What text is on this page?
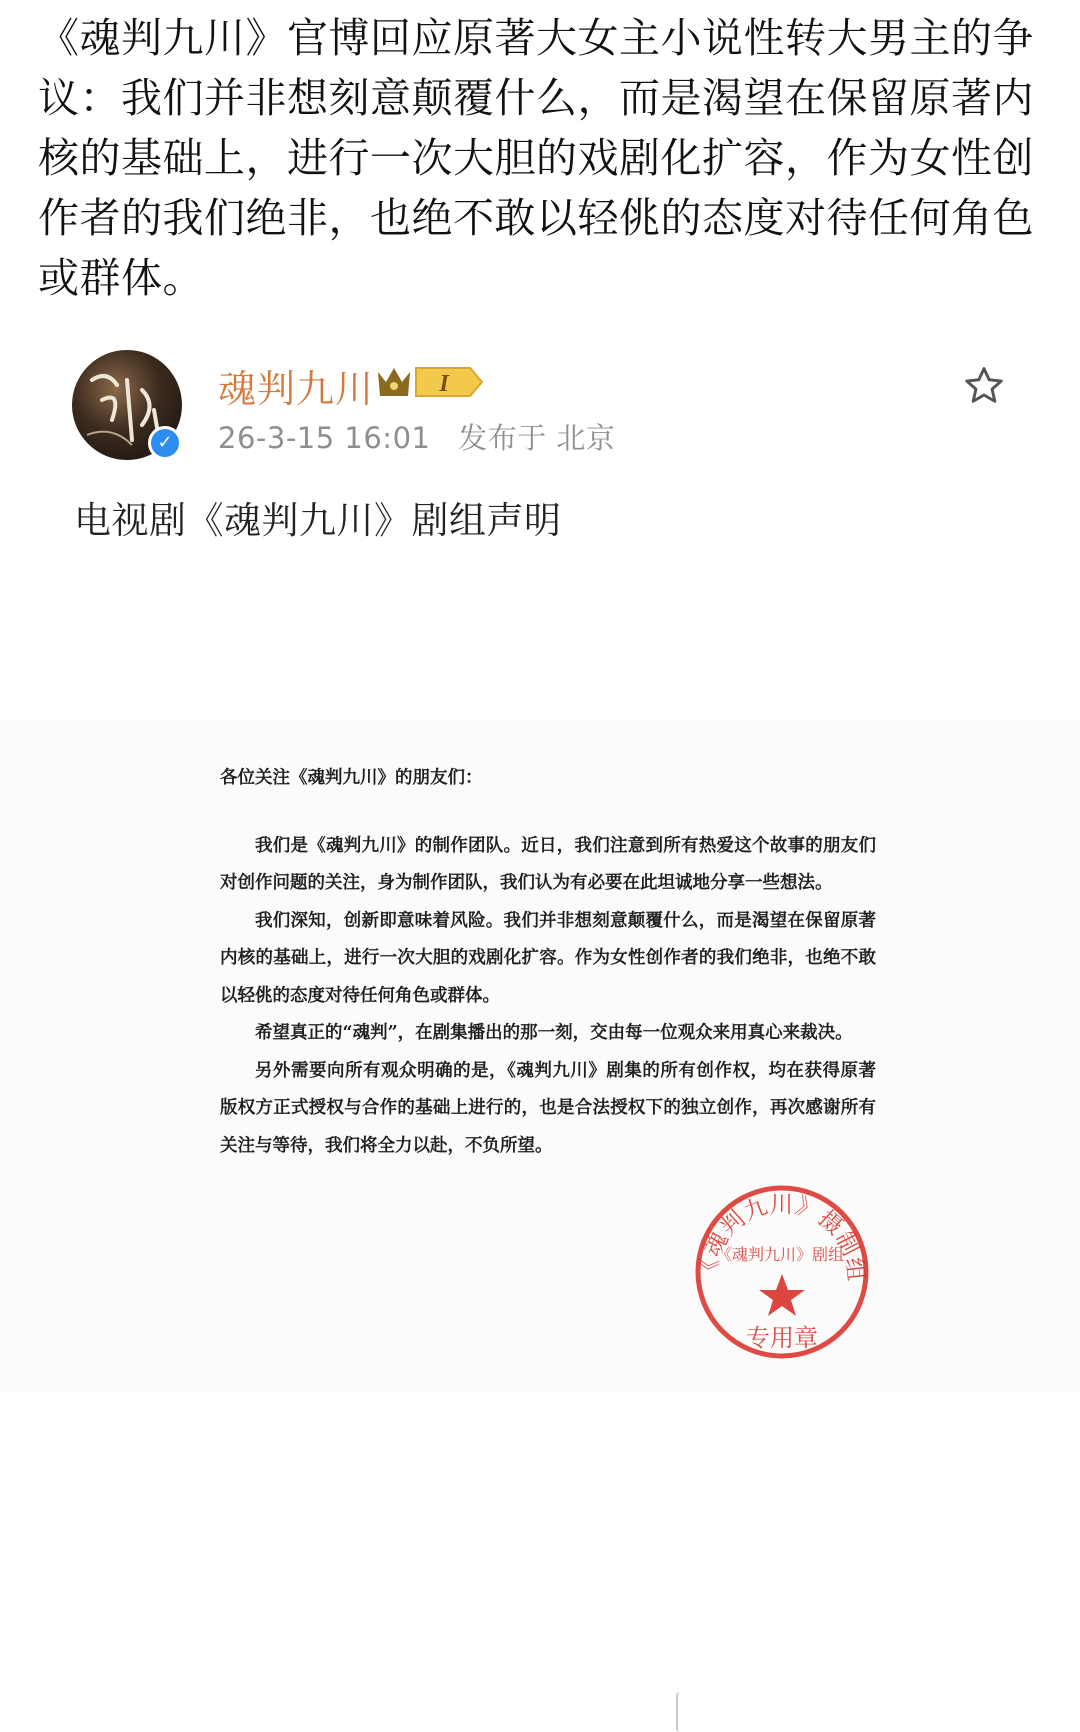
《魂判九川》官博回应原著大女主小说性转大男主的争议：我们并非想刻意颠覆什么，而是渴望在保留原著内核的基础上，进行一次大胆的戏剧化扩容，作为女性创作者的我们绝非，也绝不敢以轻佻的态度对待任何角色或群体。
✓
魂判九川	I
26-3-15 16:01 发布于 北京
电视剧《魂判九川》剧组声明

各位关注《魂判九川》的朋友们：

我们是《魂判九川》的制作团队。近日，我们注意到所有热爱这个故事的朋友们对创作问题的关注，身为制作团队，我们认为有必要在此坦诚地分享一些想法。

我们深知，创新即意味着风险。我们并非想刻意颠覆什么，而是渴望在保留原著内核的基础上，进行一次大胆的戏剧化扩容。作为女性创作者的我们绝非，也绝不敢以轻佻的态度对待任何角色或群体。

希望真正的“魂判”，在剧集播出的那一刻，交由每一位观众来用真心来裁决。

另外需要向所有观众明确的是，《魂判九川》剧集的所有创作权，均在获得原著版权方正式授权与合作的基础上进行的，也是合法授权下的独立创作，再次感谢所有关注与等待，我们将全力以赴，不负所望。

《魂判九川》摄制组
《魂判九川》剧组
专用章
